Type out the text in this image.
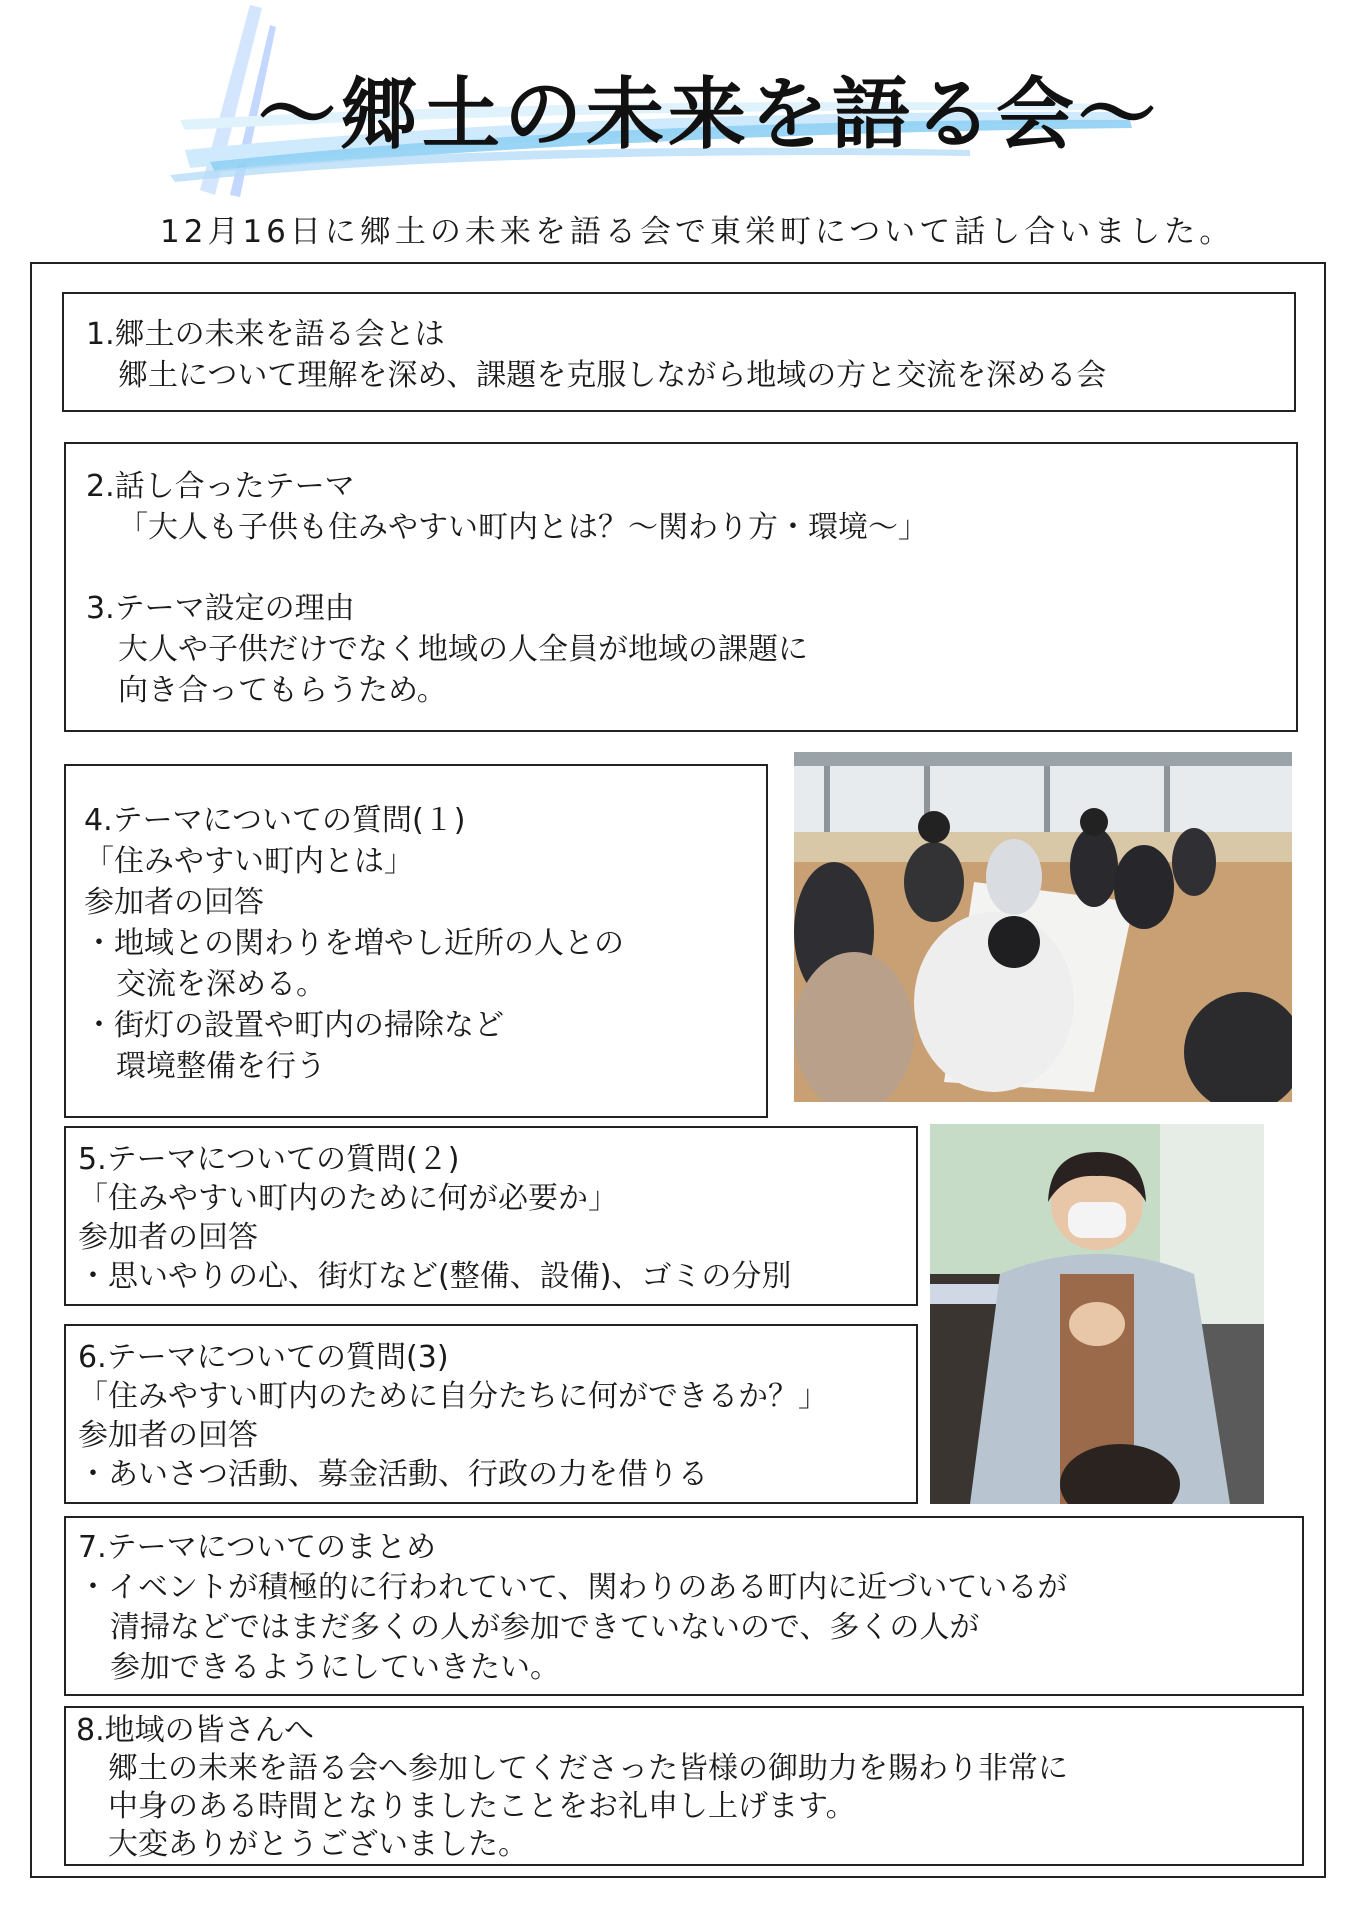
～郷土の未来を語る会～

12月16日に郷土の未来を語る会で東栄町について話し合いました。

1.郷土の未来を語る会とは

郷土について理解を深め、課題を克服しながら地域の方と交流を深める会

2.話し合ったテーマ

「大人も子供も住みやすい町内とは？～関わり方・環境～」

3.テーマ設定の理由

大人や子供だけでなく地域の人全員が地域の課題に

向き合ってもらうため。

4.テーマについての質問(１)

「住みやすい町内とは」

参加者の回答

・地域との関わりを増やし近所の人との

交流を深める。

・街灯の設置や町内の掃除など

環境整備を行う

5.テーマについての質問(２)

「住みやすい町内のために何が必要か」

参加者の回答

・思いやりの心、街灯など(整備、設備)、ゴミの分別

6.テーマについての質問(3)

「住みやすい町内のために自分たちに何ができるか？」

参加者の回答

・あいさつ活動、募金活動、行政の力を借りる

7.テーマについてのまとめ

・イベントが積極的に行われていて、関わりのある町内に近づいているが

清掃などではまだ多くの人が参加できていないので、多くの人が

参加できるようにしていきたい。

8.地域の皆さんへ

郷土の未来を語る会へ参加してくださった皆様の御助力を賜わり非常に

中身のある時間となりましたことをお礼申し上げます。

大変ありがとうございました。
